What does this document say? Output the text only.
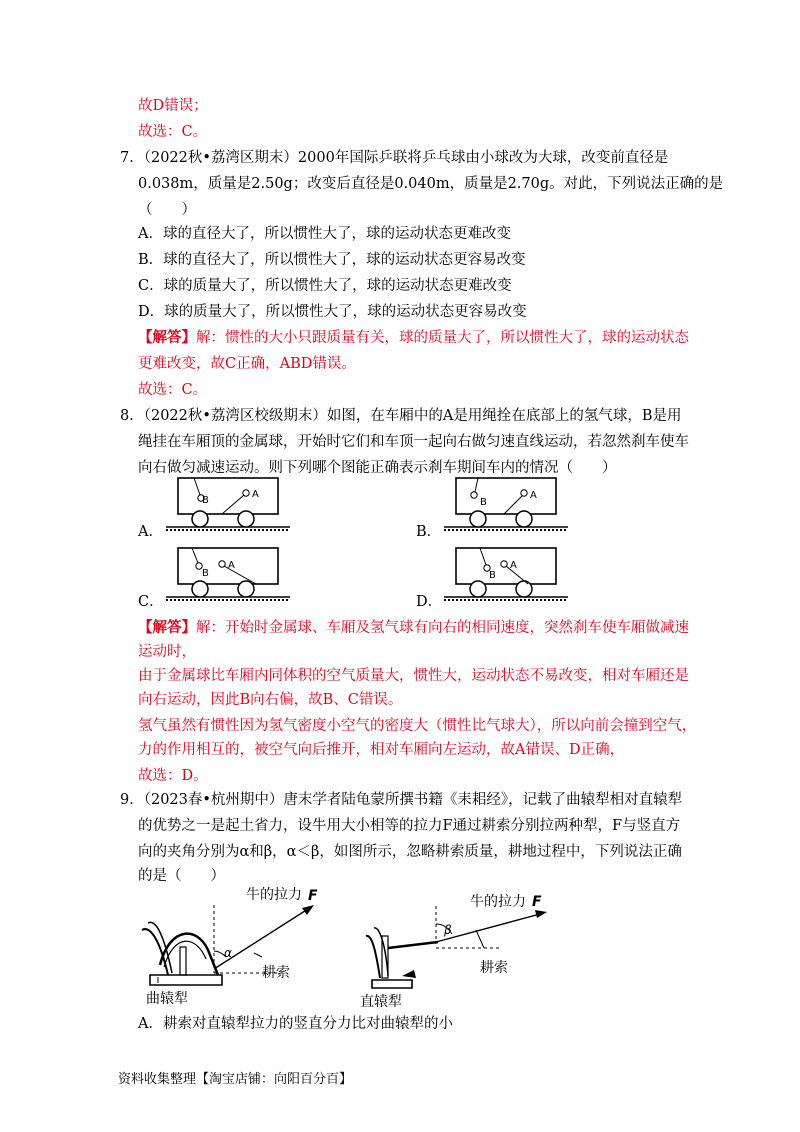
故D错误；
故选：C。
7．（2022秋•荔湾区期末）2000年国际乒联将乒乓球由小球改为大球，改变前直径是
0.038m，质量是2.50g；改变后直径是0.040m，质量是2.70g。对此，下列说法正确的是
（　　）
A．球的直径大了，所以惯性大了，球的运动状态更难改变
B．球的直径大了，所以惯性大了，球的运动状态更容易改变
C．球的质量大了，所以惯性大了，球的运动状态更难改变
D．球的质量大了，所以惯性大了，球的运动状态更容易改变
【解答】解：惯性的大小只跟质量有关，球的质量大了，所以惯性大了，球的运动状态
更难改变，故C正确，ABD错误。
故选：C。
8．（2022秋•荔湾区校级期末）如图，在车厢中的A是用绳拴在底部上的氢气球，B是用
绳挂在车厢顶的金属球，开始时它们和车顶一起向右做匀速直线运动，若忽然刹车使车
向右做匀减速运动。则下列哪个图能正确表示刹车期间车内的情况（　　）
A．	B．
C．	D．
B
A
B
A
B
A
B
A
【解答】解：开始时金属球、车厢及氢气球有向右的相同速度，突然刹车使车厢做减速
运动时，
由于金属球比车厢内同体积的空气质量大，惯性大，运动状态不易改变，相对车厢还是
向右运动，因此B向右偏，故B、C错误。
氢气虽然有惯性因为氢气密度小空气的密度大（惯性比气球大），所以向前会撞到空气，
力的作用相互的，被空气向后推开，相对车厢向左运动，故A错误、D正确，
故选：D。
9．（2023春•杭州期中）唐末学者陆龟蒙所撰书籍《耒耜经》，记载了曲辕犁相对直辕犁
的优势之一是起土省力，设牛用大小相等的拉力F通过耕索分别拉两种犁，F与竖直方
向的夹角分别为α和β，α＜β，如图所示，忽略耕索质量，耕地过程中，下列说法正确
的是（　　）
α
牛的拉力 F
耕索
曲辕犁
β
牛的拉力 F
耕索
直辕犁
A．耕索对直辕犁拉力的竖直分力比对曲辕犁的小
资料收集整理【淘宝店铺：向阳百分百】
